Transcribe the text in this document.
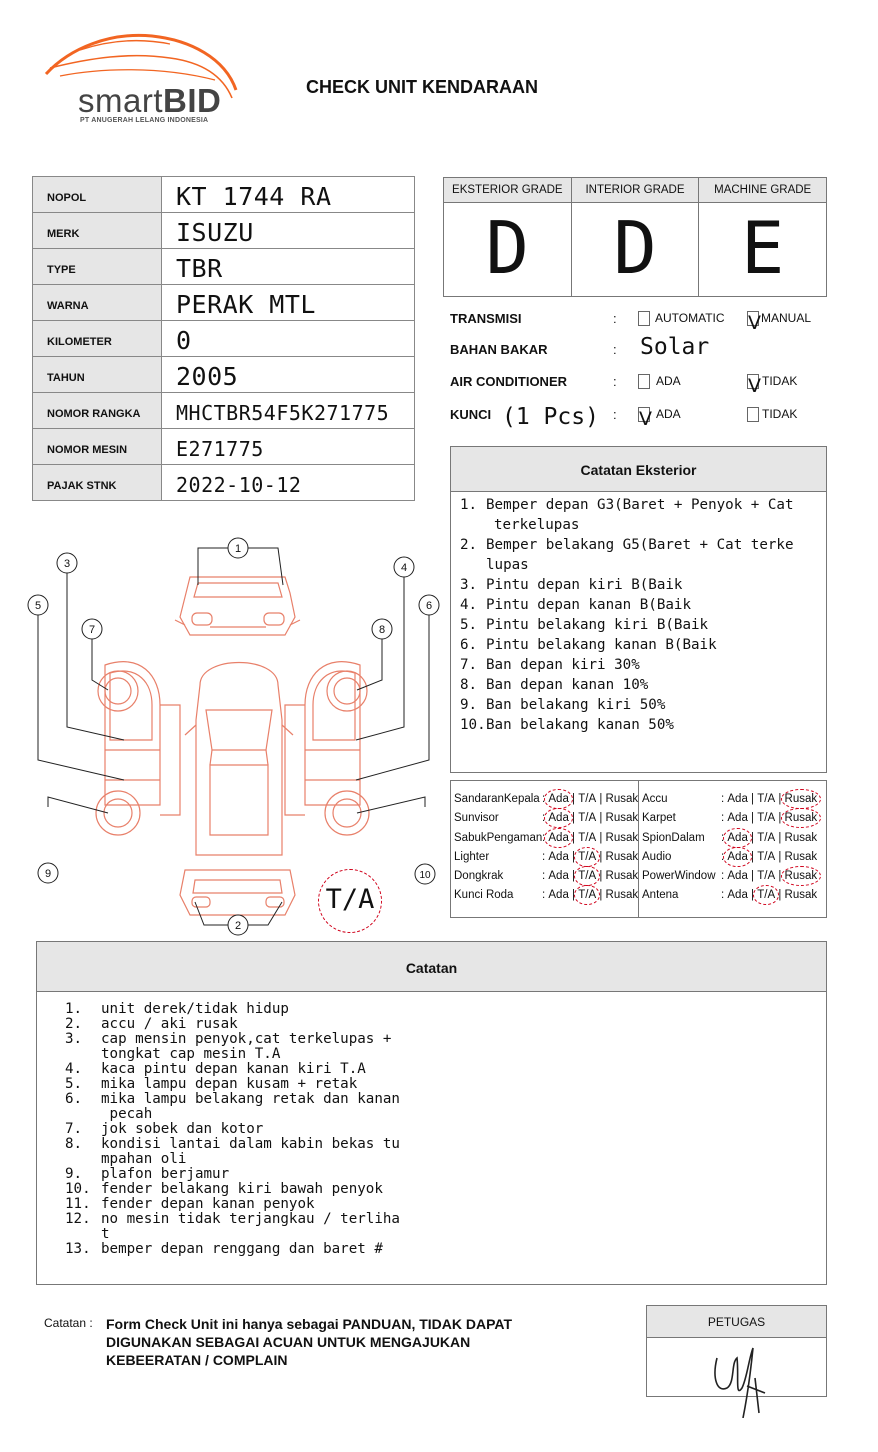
smartBID
PT ANUGERAH LELANG INDONESIA
CHECK UNIT KENDARAAN
NOPOL	KT 1744 RA
MERK	ISUZU
TYPE	TBR
WARNA	PERAK MTL
KILOMETER	0
TAHUN	2005
NOMOR RANGKA	MHCTBR54F5K271775
NOMOR MESIN	E271775
PAJAK STNK	2022-10-12
EKSTERIOR GRADE
D
INTERIOR GRADE
D
MACHINE GRADE
E
TRANSMISI	:	AUTOMATIC V MANUAL
BAHAN BAKAR	: Solar
AIR CONDITIONER	:	ADA	V TIDAK
KUNCI (1 Pcs) : V ADA	TIDAK
Catatan Eksterior
1. Bemper depan G3(Baret + Penyok + Cat
terkelupas
2. Bemper belakang G5(Baret + Cat terke
lupas
3. Pintu depan kiri B(Baik
4. Pintu depan kanan B(Baik
5. Pintu belakang kiri B(Baik
6. Pintu belakang kanan B(Baik
7. Ban depan kiri 30%
8. Ban depan kanan 10%
9. Ban belakang kiri 50%
10. Ban belakang kanan 50%
SandaranKepala : Ada | T/A | Rusak
Sunvisor	: Ada | T/A | Rusak
SabukPengaman : Ada | T/A | Rusak
Lighter	: Ada | T/A | Rusak
Dongkrak	: Ada | T/A | Rusak
Kunci Roda : Ada | T/A | Rusak
Accu	: Ada | T/A | Rusak
Karpet	: Ada | T/A | Rusak
SpionDalam : Ada | T/A | Rusak
Audio	: Ada | T/A | Rusak
PowerWindow : Ada | T/A | Rusak
Antena	: Ada | T/A | Rusak
1
2
3	4
5	6
7	8
9	10
T/A
Catatan
1.	unit derek/tidak hidup
2.	accu / aki rusak
3.	cap mensin penyok,cat terkelupas +
tongkat cap mesin T.A
4.	kaca pintu depan kanan kiri T.A
5.	mika lampu depan kusam + retak
6.	mika lampu belakang retak dan kanan
pecah
7.	jok sobek dan kotor
8.	kondisi lantai dalam kabin bekas tu
mpahan oli
9.	plafon berjamur
10. fender belakang kiri bawah penyok
11. fender depan kanan penyok
12. no mesin tidak terjangkau / terliha
t
13. bemper depan renggang dan baret #
Catatan : Form Check Unit ini hanya sebagai PANDUAN, TIDAK DAPAT DIGUNAKAN SEBAGAI ACUAN UNTUK MENGAJUKAN KEBEERATAN / COMPLAIN
PETUGAS
